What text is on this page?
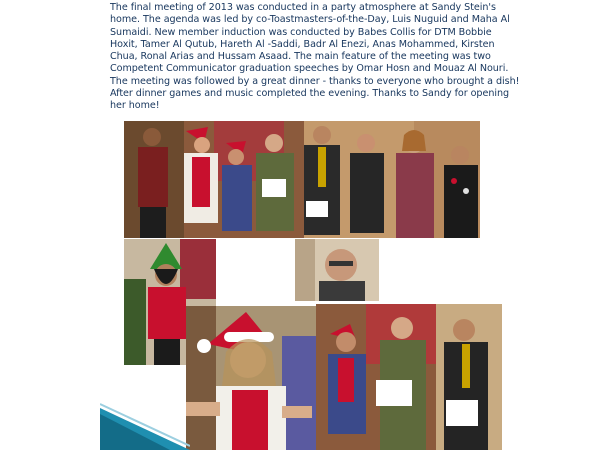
The final meeting of 2013 was conducted in a party atmosphere at Sandy Stein's home. The agenda was led by co-Toastmasters-of-the-Day, Luis Nuguid and Maha Al Sumaidi. New member induction was conducted by Babes Collis for DTM Bobbie Hoxit, Tamer Al Qutub, Hareth Al -Saddi, Badr Al Enezi, Anas Mohammed, Kirsten Chua, Ronal Arias and Hussam Asaad. The main feature of the meeting was two Competent Communicator graduation speeches by Omar Hosn and Mouaz Al Nouri. The meeting was followed by a great dinner - thanks to everyone who brought a dish! After dinner games and music completed the evening. Thanks to Sandy for opening her home!
